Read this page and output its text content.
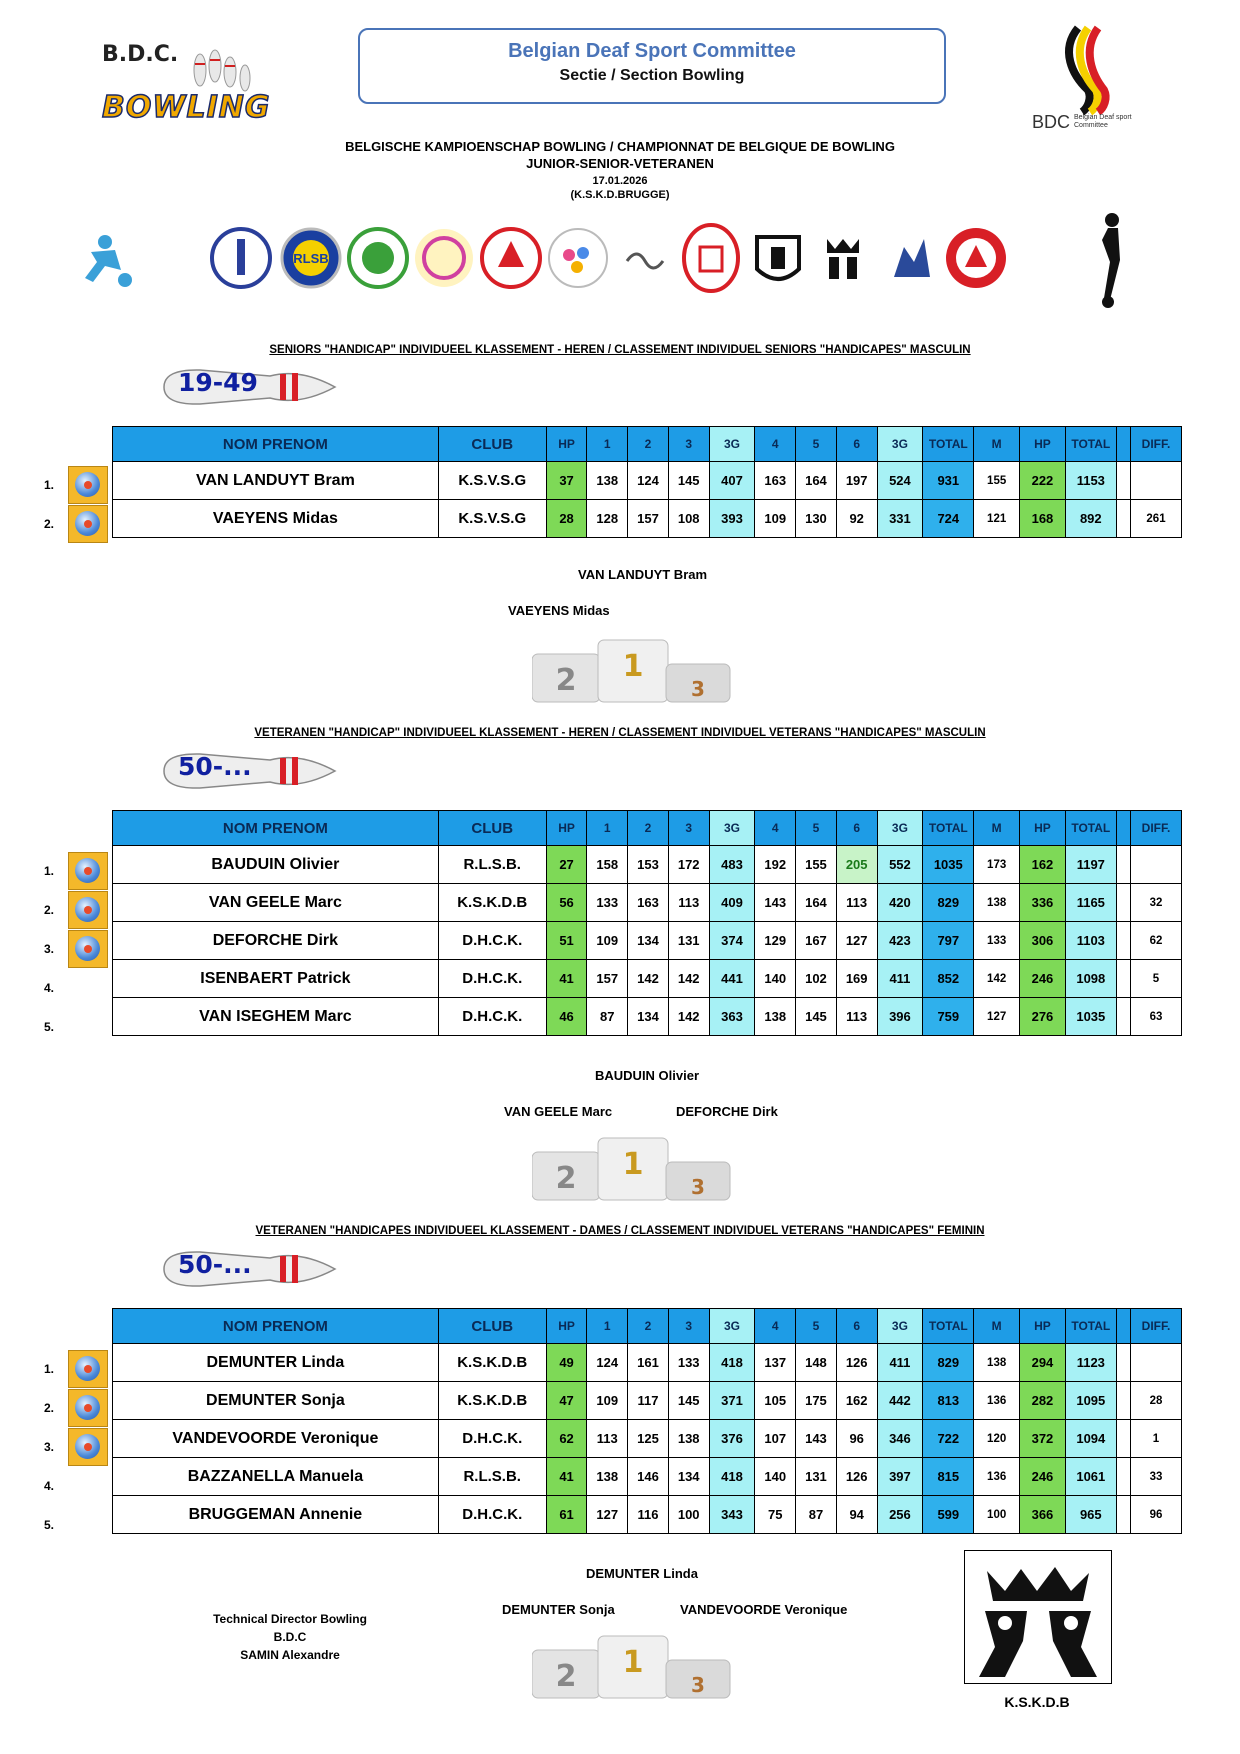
B.D.C.
BOWLING
Belgian Deaf Sport Committee
Sectie / Section Bowling
BDC Belgian Deaf sport Committee
BELGISCHE KAMPIOENSCHAP BOWLING / CHAMPIONNAT DE BELGIQUE DE BOWLING
JUNIOR-SENIOR-VETERANEN
17.01.2026
(K.S.K.D.BRUGGE)
RLSB
SENIORS "HANDICAP" INDIVIDUEEL KLASSEMENT - HEREN / CLASSEMENT INDIVIDUEL SENIORS "HANDICAPES" MASCULIN
19-49
NOM PRENOM	CLUB	HP	1	2	3	3G	4	5	6	3G	TOTAL	M	HP	TOTAL		DIFF.
VAN LANDUYT Bram	K.S.V.S.G	37	138	124	145	407	163	164	197	524	931	155	222	1153		
VAEYENS Midas	K.S.V.S.G	28	128	157	108	393	109	130	92	331	724	121	168	892		261
1.
2.
VAN LANDUYT Bram
VAEYENS Midas
2 1
3
VETERANEN "HANDICAP" INDIVIDUEEL KLASSEMENT - HEREN / CLASSEMENT INDIVIDUEL VETERANS "HANDICAPES" MASCULIN
50-...
NOM PRENOM	CLUB	HP	1	2	3	3G	4	5	6	3G	TOTAL	M	HP	TOTAL		DIFF.
BAUDUIN Olivier	R.L.S.B.	27	158	153	172	483	192	155	205	552	1035	173	162	1197		
VAN GEELE Marc	K.S.K.D.B	56	133	163	113	409	143	164	113	420	829	138	336	1165		32
DEFORCHE Dirk	D.H.C.K.	51	109	134	131	374	129	167	127	423	797	133	306	1103		62
ISENBAERT Patrick	D.H.C.K.	41	157	142	142	441	140	102	169	411	852	142	246	1098		5
VAN ISEGHEM Marc	D.H.C.K.	46	87	134	142	363	138	145	113	396	759	127	276	1035		63
1.
2.
3.
4.
5.
BAUDUIN Olivier
VAN GEELE Marc	DEFORCHE Dirk
2 1
3
VETERANEN "HANDICAPES INDIVIDUEEL KLASSEMENT - DAMES / CLASSEMENT INDIVIDUEL VETERANS "HANDICAPES" FEMININ
50-...
NOM PRENOM	CLUB	HP	1	2	3	3G	4	5	6	3G	TOTAL	M	HP	TOTAL		DIFF.
DEMUNTER Linda	K.S.K.D.B	49	124	161	133	418	137	148	126	411	829	138	294	1123		
DEMUNTER Sonja	K.S.K.D.B	47	109	117	145	371	105	175	162	442	813	136	282	1095		28
VANDEVOORDE Veronique	D.H.C.K.	62	113	125	138	376	107	143	96	346	722	120	372	1094		1
BAZZANELLA Manuela	R.L.S.B.	41	138	146	134	418	140	131	126	397	815	136	246	1061		33
BRUGGEMAN Annenie	D.H.C.K.	61	127	116	100	343	75	87	94	256	599	100	366	965		96
1.
2.
3.
4.
5.
DEMUNTER Linda
DEMUNTER Sonja	VANDEVOORDE Veronique
2 1
3
Technical Director Bowling
B.D.C
SAMIN Alexandre
K.S.K.D.B
